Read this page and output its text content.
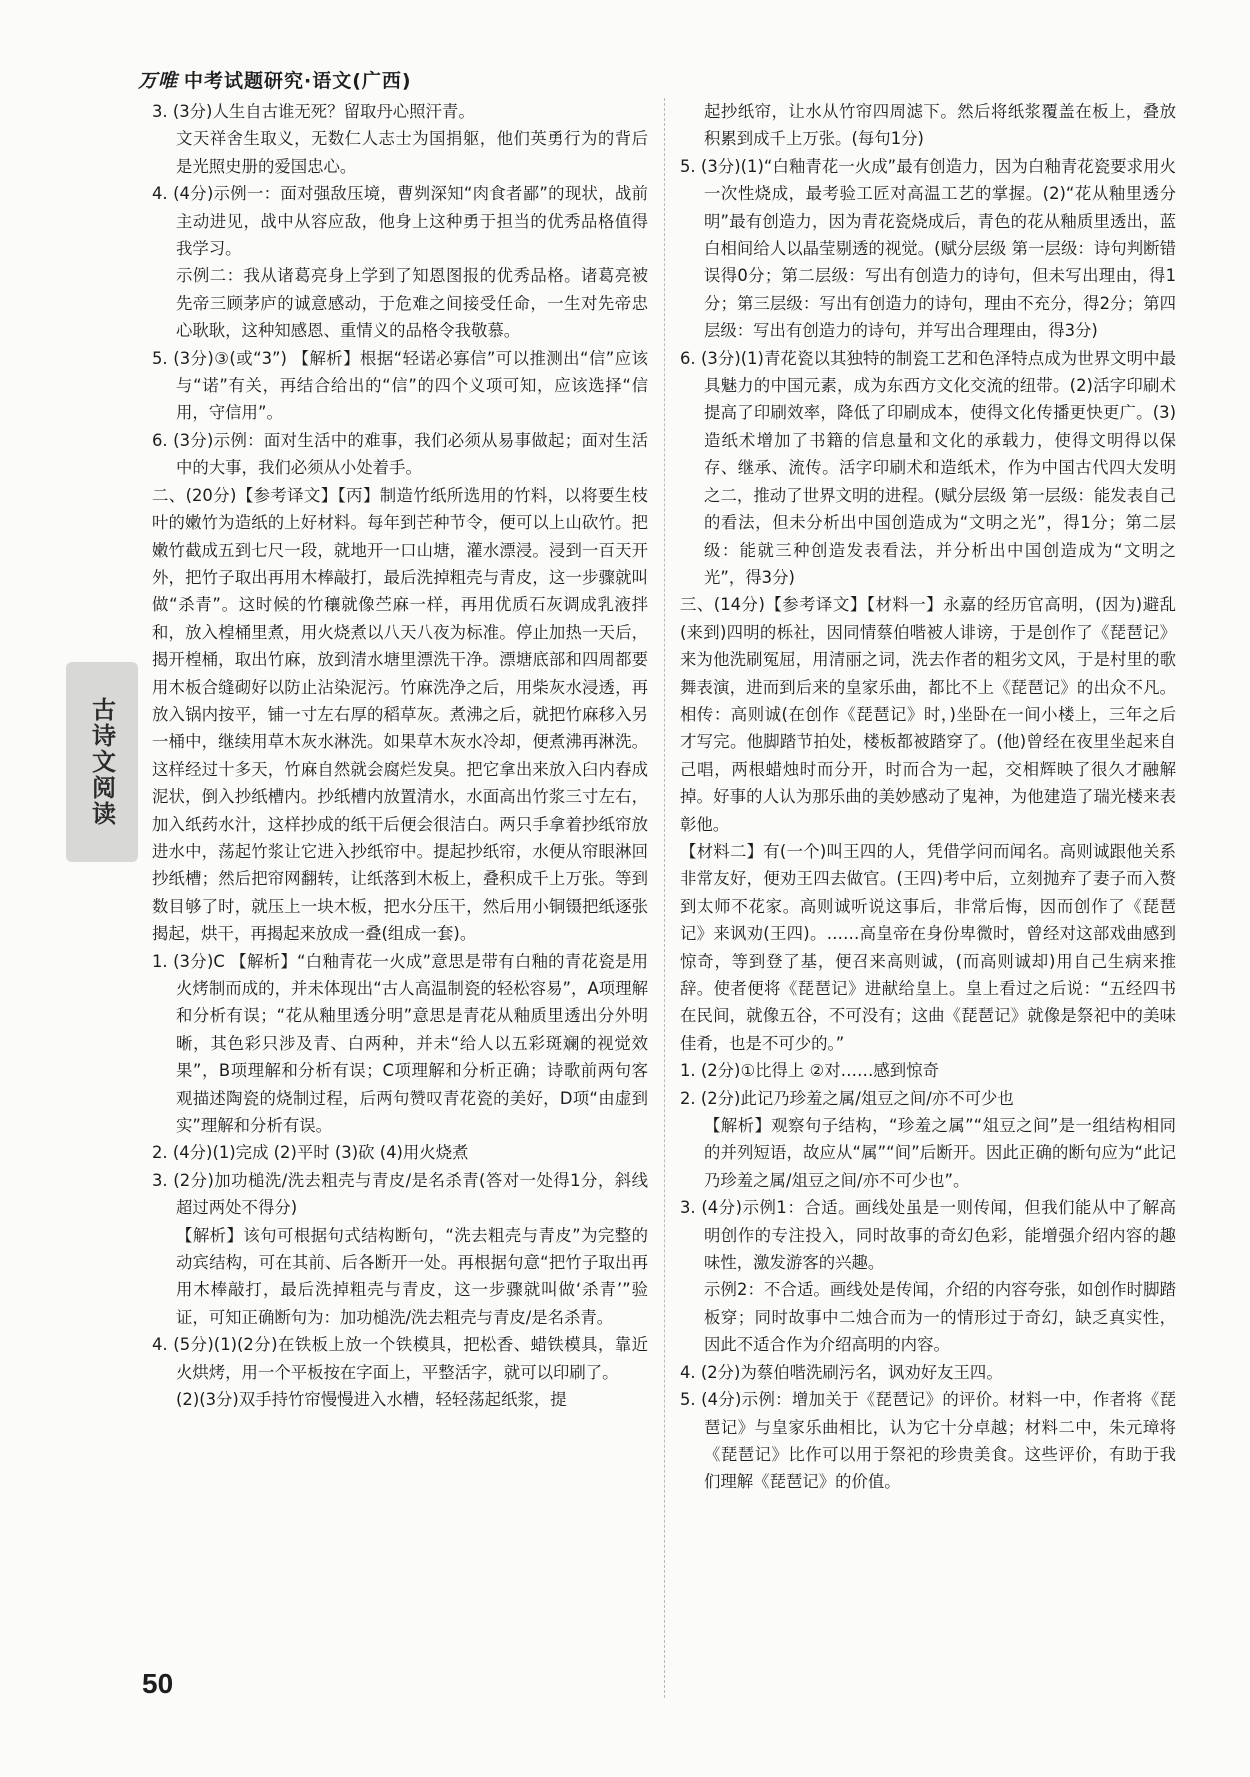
万唯 中考试题研究·语文(广西)
古诗文阅读

3. (3分)人生自古谁无死？留取丹心照汗青。

文天祥舍生取义，无数仁人志士为国捐躯，他们英勇行为的背后是光照史册的爱国忠心。

4. (4分)示例一：面对强敌压境，曹刿深知“肉食者鄙”的现状，战前主动进见，战中从容应敌，他身上这种勇于担当的优秀品格值得我学习。

示例二：我从诸葛亮身上学到了知恩图报的优秀品格。诸葛亮被先帝三顾茅庐的诚意感动，于危难之间接受任命，一生对先帝忠心耿耿，这种知感恩、重情义的品格令我敬慕。

5. (3分)③(或“3”) 【解析】根据“轻诺必寡信”可以推测出“信”应该与“诺”有关，再结合给出的“信”的四个义项可知，应该选择“信用，守信用”。

6. (3分)示例：面对生活中的难事，我们必须从易事做起；面对生活中的大事，我们必须从小处着手。

二、(20分)【参考译文】【丙】制造竹纸所选用的竹料，以将要生枝叶的嫩竹为造纸的上好材料。每年到芒种节令，便可以上山砍竹。把嫩竹截成五到七尺一段，就地开一口山塘，灌水漂浸。浸到一百天开外，把竹子取出再用木棒敲打，最后洗掉粗壳与青皮，这一步骤就叫做“杀青”。这时候的竹穰就像苎麻一样，再用优质石灰调成乳液拌和，放入楻桶里煮，用火烧煮以八天八夜为标准。停止加热一天后，揭开楻桶，取出竹麻，放到清水塘里漂洗干净。漂塘底部和四周都要用木板合缝砌好以防止沾染泥污。竹麻洗净之后，用柴灰水浸透，再放入锅内按平，铺一寸左右厚的稻草灰。煮沸之后，就把竹麻移入另一桶中，继续用草木灰水淋洗。如果草木灰水冷却，便煮沸再淋洗。这样经过十多天，竹麻自然就会腐烂发臭。把它拿出来放入臼内舂成泥状，倒入抄纸槽内。抄纸槽内放置清水，水面高出竹浆三寸左右，加入纸药水汁，这样抄成的纸干后便会很洁白。两只手拿着抄纸帘放进水中，荡起竹浆让它进入抄纸帘中。提起抄纸帘，水便从帘眼淋回抄纸槽；然后把帘网翻转，让纸落到木板上，叠积成千上万张。等到数目够了时，就压上一块木板，把水分压干，然后用小铜镊把纸逐张揭起，烘干，再揭起来放成一叠(组成一套)。

1. (3分)C 【解析】“白釉青花一火成”意思是带有白釉的青花瓷是用火烤制而成的，并未体现出“古人高温制瓷的轻松容易”，A项理解和分析有误；“花从釉里透分明”意思是青花从釉质里透出分外明晰，其色彩只涉及青、白两种，并未“给人以五彩斑斓的视觉效果”，B项理解和分析有误；C项理解和分析正确；诗歌前两句客观描述陶瓷的烧制过程，后两句赞叹青花瓷的美好，D项“由虚到实”理解和分析有误。

2. (4分)(1)完成 (2)平时 (3)砍 (4)用火烧煮

3. (2分)加功槌洗/洗去粗壳与青皮/是名杀青(答对一处得1分，斜线超过两处不得分)

【解析】该句可根据句式结构断句，“洗去粗壳与青皮”为完整的动宾结构，可在其前、后各断开一处。再根据句意“把竹子取出再用木棒敲打，最后洗掉粗壳与青皮，这一步骤就叫做‘杀青’”验证，可知正确断句为：加功槌洗/洗去粗壳与青皮/是名杀青。

4. (5分)(1)(2分)在铁板上放一个铁模具，把松香、蜡铁模具，靠近火烘烤，用一个平板按在字面上，平整活字，就可以印刷了。

(2)(3分)双手持竹帘慢慢进入水槽，轻轻荡起纸浆，提

起抄纸帘，让水从竹帘四周滤下。然后将纸浆覆盖在板上，叠放积累到成千上万张。(每句1分)

5. (3分)(1)“白釉青花一火成”最有创造力，因为白釉青花瓷要求用火一次性烧成，最考验工匠对高温工艺的掌握。(2)“花从釉里透分明”最有创造力，因为青花瓷烧成后，青色的花从釉质里透出，蓝白相间给人以晶莹剔透的视觉。(赋分层级 第一层级：诗句判断错误得0分；第二层级：写出有创造力的诗句，但未写出理由，得1分；第三层级：写出有创造力的诗句，理由不充分，得2分；第四层级：写出有创造力的诗句，并写出合理理由，得3分)

6. (3分)(1)青花瓷以其独特的制瓷工艺和色泽特点成为世界文明中最具魅力的中国元素，成为东西方文化交流的纽带。(2)活字印刷术提高了印刷效率，降低了印刷成本，使得文化传播更快更广。(3)造纸术增加了书籍的信息量和文化的承载力，使得文明得以保存、继承、流传。活字印刷术和造纸术，作为中国古代四大发明之二，推动了世界文明的进程。(赋分层级 第一层级：能发表自己的看法，但未分析出中国创造成为“文明之光”，得1分；第二层级：能就三种创造发表看法，并分析出中国创造成为“文明之光”，得3分)

三、(14分)【参考译文】【材料一】永嘉的经历官高明，(因为)避乱(来到)四明的栎社，因同情蔡伯喈被人诽谤，于是创作了《琵琶记》来为他洗刷冤屈，用清丽之词，洗去作者的粗劣文风，于是村里的歌舞表演，进而到后来的皇家乐曲，都比不上《琵琶记》的出众不凡。相传：高则诚(在创作《琵琶记》时，)坐卧在一间小楼上，三年之后才写完。他脚踏节拍处，楼板都被踏穿了。(他)曾经在夜里坐起来自己唱，两根蜡烛时而分开，时而合为一起，交相辉映了很久才融解掉。好事的人认为那乐曲的美妙感动了鬼神，为他建造了瑞光楼来表彰他。

【材料二】有(一个)叫王四的人，凭借学问而闻名。高则诚跟他关系非常友好，便劝王四去做官。(王四)考中后，立刻抛弃了妻子而入赘到太师不花家。高则诚听说这事后，非常后悔，因而创作了《琵琶记》来讽劝(王四)。……高皇帝在身份卑微时，曾经对这部戏曲感到惊奇，等到登了基，便召来高则诚，(而高则诚却)用自己生病来推辞。使者便将《琵琶记》进献给皇上。皇上看过之后说：“五经四书在民间，就像五谷，不可没有；这曲《琵琶记》就像是祭祀中的美味佳肴，也是不可少的。”

1. (2分)①比得上 ②对……感到惊奇

2. (2分)此记乃珍羞之属/俎豆之间/亦不可少也

【解析】观察句子结构，“珍羞之属”“俎豆之间”是一组结构相同的并列短语，故应从“属”“间”后断开。因此正确的断句应为“此记乃珍羞之属/俎豆之间/亦不可少也”。

3. (4分)示例1：合适。画线处虽是一则传闻，但我们能从中了解高明创作的专注投入，同时故事的奇幻色彩，能增强介绍内容的趣味性，激发游客的兴趣。

示例2：不合适。画线处是传闻，介绍的内容夸张，如创作时脚踏板穿；同时故事中二烛合而为一的情形过于奇幻，缺乏真实性，因此不适合作为介绍高明的内容。

4. (2分)为蔡伯喈洗刷污名，讽劝好友王四。

5. (4分)示例：增加关于《琵琶记》的评价。材料一中，作者将《琵琶记》与皇家乐曲相比，认为它十分卓越；材料二中，朱元璋将《琵琶记》比作可以用于祭祀的珍贵美食。这些评价，有助于我们理解《琵琶记》的价值。

50
